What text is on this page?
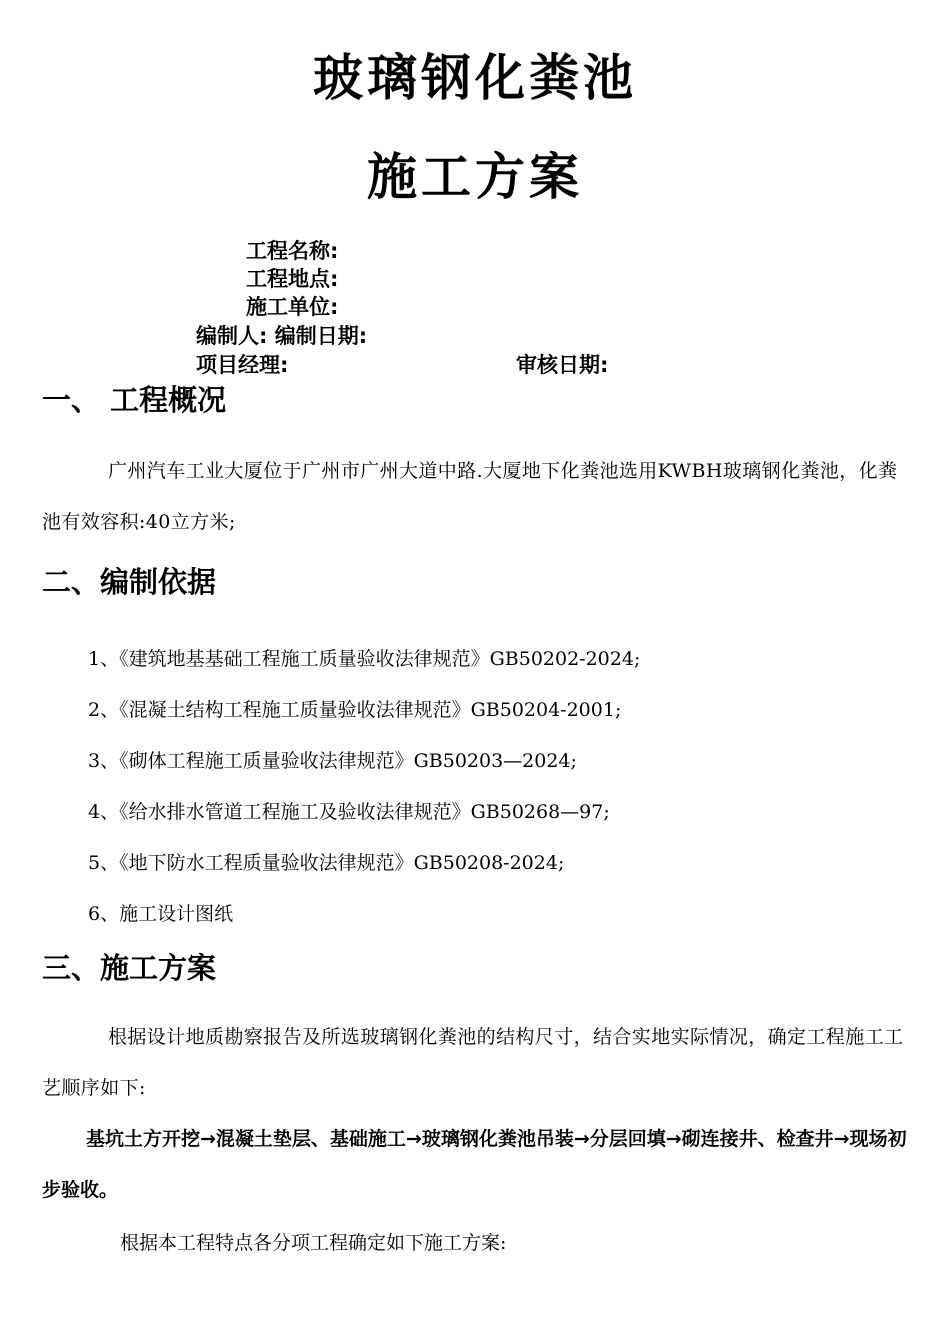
玻璃钢化粪池
施工方案
工程名称:
工程地点:
施工单位:
编制人: 编制日期:
项目经理:	审核日期:
一、 工程概况

广州汽车工业大厦位于广州市广州大道中路.大厦地下化粪池选用KWBH玻璃钢化粪池，化粪池有效容积:40立方米;

二、编制依据
1、《建筑地基基础工程施工质量验收法律规范》GB50202-2024;
2、《混凝土结构工程施工质量验收法律规范》GB50204-2001;
3、《砌体工程施工质量验收法律规范》GB50203—2024;
4、《给水排水管道工程施工及验收法律规范》GB50268—97;
5、《地下防水工程质量验收法律规范》GB50208-2024;
6、施工设计图纸
三、施工方案

根据设计地质勘察报告及所选玻璃钢化粪池的结构尺寸，结合实地实际情况，确定工程施工工艺顺序如下:

基坑土方开挖→混凝土垫层、基础施工→玻璃钢化粪池吊装→分层回填→砌连接井、检查井→现场初步验收。

根据本工程特点各分项工程确定如下施工方案:
